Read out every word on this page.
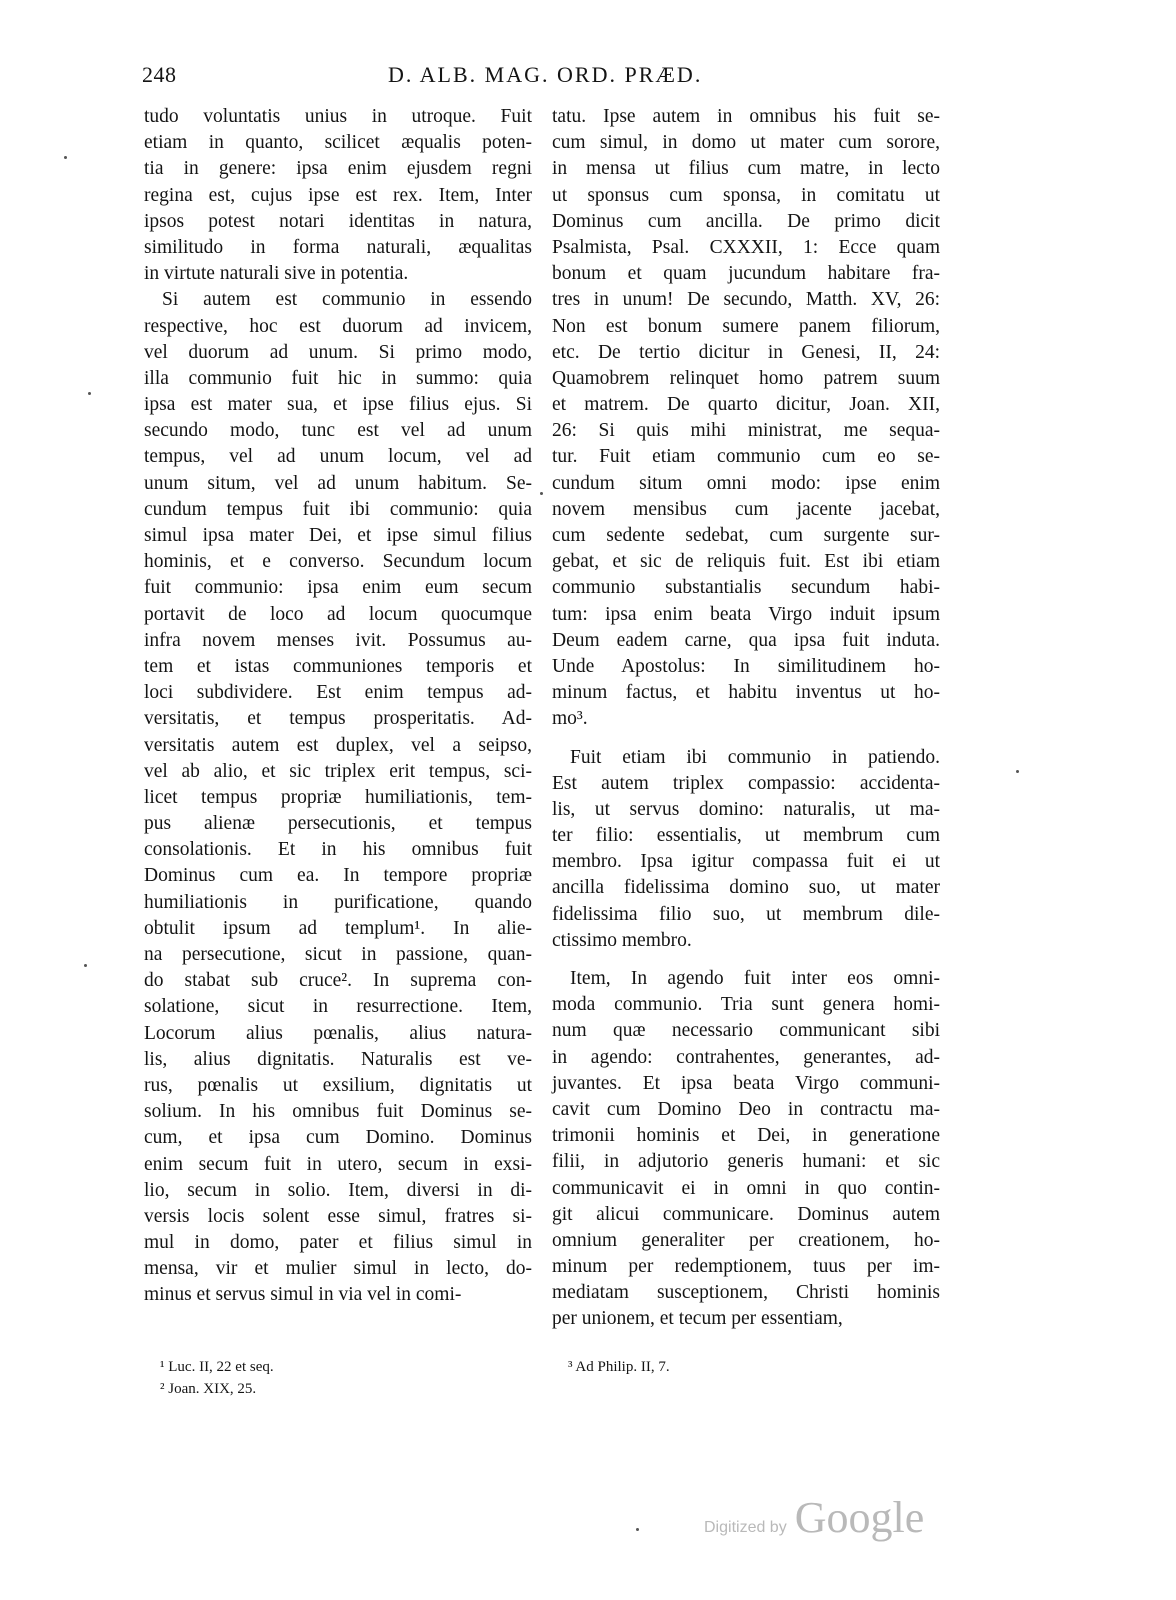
248	D. ALB. MAG. ORD. PRÆD.
tudo voluntatis unius in utroque. Fuit
etiam in quanto, scilicet æqualis poten-
tia in genere: ipsa enim ejusdem regni
regina est, cujus ipse est rex. Item, Inter
ipsos potest notari identitas in natura,
similitudo in forma naturali, æqualitas
in virtute naturali sive in potentia.
Si autem est communio in essendo
respective, hoc est duorum ad invicem,
vel duorum ad unum. Si primo modo,
illa communio fuit hic in summo: quia
ipsa est mater sua, et ipse filius ejus. Si
secundo modo, tunc est vel ad unum
tempus, vel ad unum locum, vel ad
unum situm, vel ad unum habitum. Se-
cundum tempus fuit ibi communio: quia
simul ipsa mater Dei, et ipse simul filius
hominis, et e converso. Secundum locum
fuit communio: ipsa enim eum secum
portavit de loco ad locum quocumque
infra novem menses ivit. Possumus au-
tem et istas communiones temporis et
loci subdividere. Est enim tempus ad-
versitatis, et tempus prosperitatis. Ad-
versitatis autem est duplex, vel a seipso,
vel ab alio, et sic triplex erit tempus, sci-
licet tempus propriæ humiliationis, tem-
pus alienæ persecutionis, et tempus
consolationis. Et in his omnibus fuit
Dominus cum ea. In tempore propriæ
humiliationis in purificatione, quando
obtulit ipsum ad templum¹. In alie-
na persecutione, sicut in passione, quan-
do stabat sub cruce². In suprema con-
solatione, sicut in resurrectione. Item,
Locorum alius pœnalis, alius natura-
lis, alius dignitatis. Naturalis est ve-
rus, pœnalis ut exsilium, dignitatis ut
solium. In his omnibus fuit Dominus se-
cum, et ipsa cum Domino. Dominus
enim secum fuit in utero, secum in exsi-
lio, secum in solio. Item, diversi in di-
versis locis solent esse simul, fratres si-
mul in domo, pater et filius simul in
mensa, vir et mulier simul in lecto, do-
minus et servus simul in via vel in comi-
tatu. Ipse autem in omnibus his fuit se-
cum simul, in domo ut mater cum sorore,
in mensa ut filius cum matre, in lecto
ut sponsus cum sponsa, in comitatu ut
Dominus cum ancilla. De primo dicit
Psalmista, Psal. CXXXII, 1: Ecce quam
bonum et quam jucundum habitare fra-
tres in unum! De secundo, Matth. XV, 26:
Non est bonum sumere panem filiorum,
etc. De tertio dicitur in Genesi, II, 24:
Quamobrem relinquet homo patrem suum
et matrem. De quarto dicitur, Joan. XII,
26: Si quis mihi ministrat, me sequa-
tur. Fuit etiam communio cum eo se-
cundum situm omni modo: ipse enim
novem mensibus cum jacente jacebat,
cum sedente sedebat, cum surgente sur-
gebat, et sic de reliquis fuit. Est ibi etiam
communio substantialis secundum habi-
tum: ipsa enim beata Virgo induit ipsum
Deum eadem carne, qua ipsa fuit induta.
Unde Apostolus: In similitudinem ho-
minum factus, et habitu inventus ut ho-
mo³.
Fuit etiam ibi communio in patiendo.
Est autem triplex compassio: accidenta-
lis, ut servus domino: naturalis, ut ma-
ter filio: essentialis, ut membrum cum
membro. Ipsa igitur compassa fuit ei ut
ancilla fidelissima domino suo, ut mater
fidelissima filio suo, ut membrum dile-
ctissimo membro.
Item, In agendo fuit inter eos omni-
moda communio. Tria sunt genera homi-
num quæ necessario communicant sibi
in agendo: contrahentes, generantes, ad-
juvantes. Et ipsa beata Virgo communi-
cavit cum Domino Deo in contractu ma-
trimonii hominis et Dei, in generatione
filii, in adjutorio generis humani: et sic
communicavit ei in omni in quo contin-
git alicui communicare. Dominus autem
omnium generaliter per creationem, ho-
minum per redemptionem, tuus per im-
mediatam susceptionem, Christi hominis
per unionem, et tecum per essentiam,
¹ Luc. II, 22 et seq.
² Joan. XIX, 25.
³ Ad Philip. II, 7.
Digitized by Google
